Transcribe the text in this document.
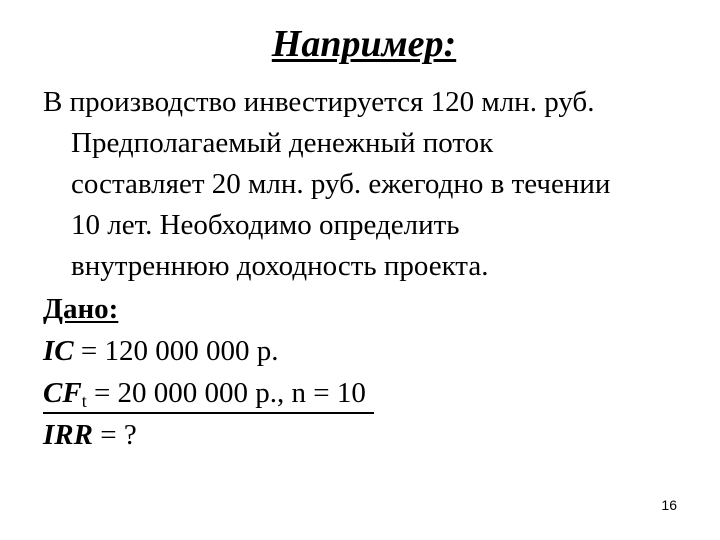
Например:
В производство инвестируется 120 млн. руб.
Предполагаемый денежный поток
составляет 20 млн. руб. ежегодно в течении
10 лет. Необходимо определить
внутреннюю доходность проекта.
Дано:
IC = 120 000 000 р.
$CF_t = 20$ 000 000 р., n = 10
IRR = ?
16
